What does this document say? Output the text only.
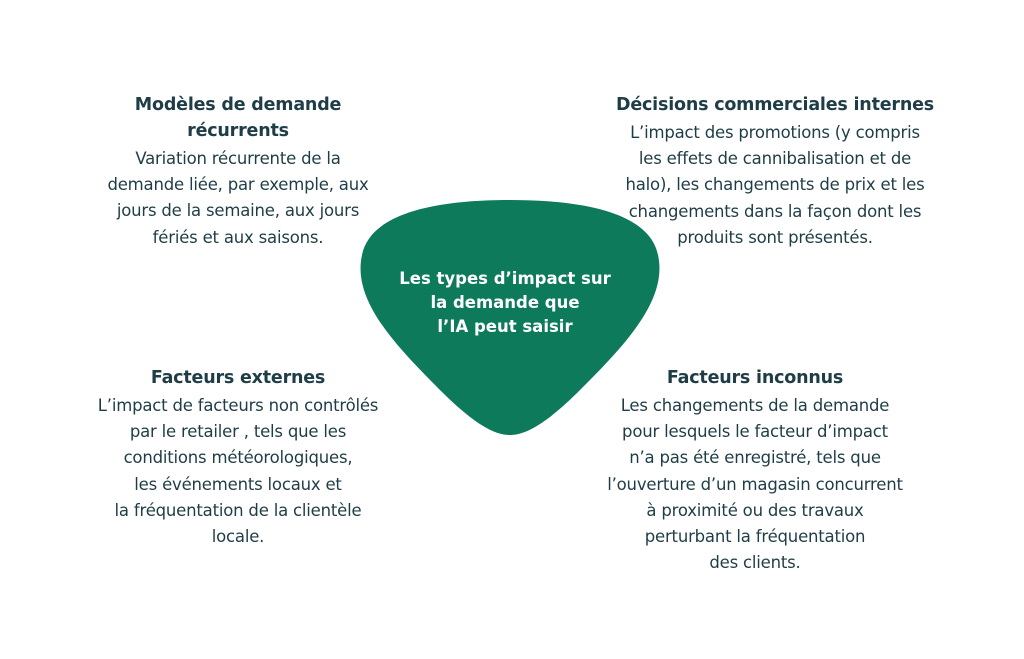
Les types d’impact sur
la demande que
l’IA peut saisir
Modèles de demande
récurrents
Variation récurrente de la
demande liée, par exemple, aux
jours de la semaine, aux jours
fériés et aux saisons.
Décisions commerciales internes
L’impact des promotions (y compris
les effets de cannibalisation et de
halo), les changements de prix et les
changements dans la façon dont les
produits sont présentés.
Facteurs externes
L’impact de facteurs non contrôlés
par le retailer , tels que les
conditions météorologiques,
les événements locaux et
la fréquentation de la clientèle
locale.
Facteurs inconnus
Les changements de la demande
pour lesquels le facteur d’impact
n’a pas été enregistré, tels que
l’ouverture d’un magasin concurrent
à proximité ou des travaux
perturbant la fréquentation
des clients.
